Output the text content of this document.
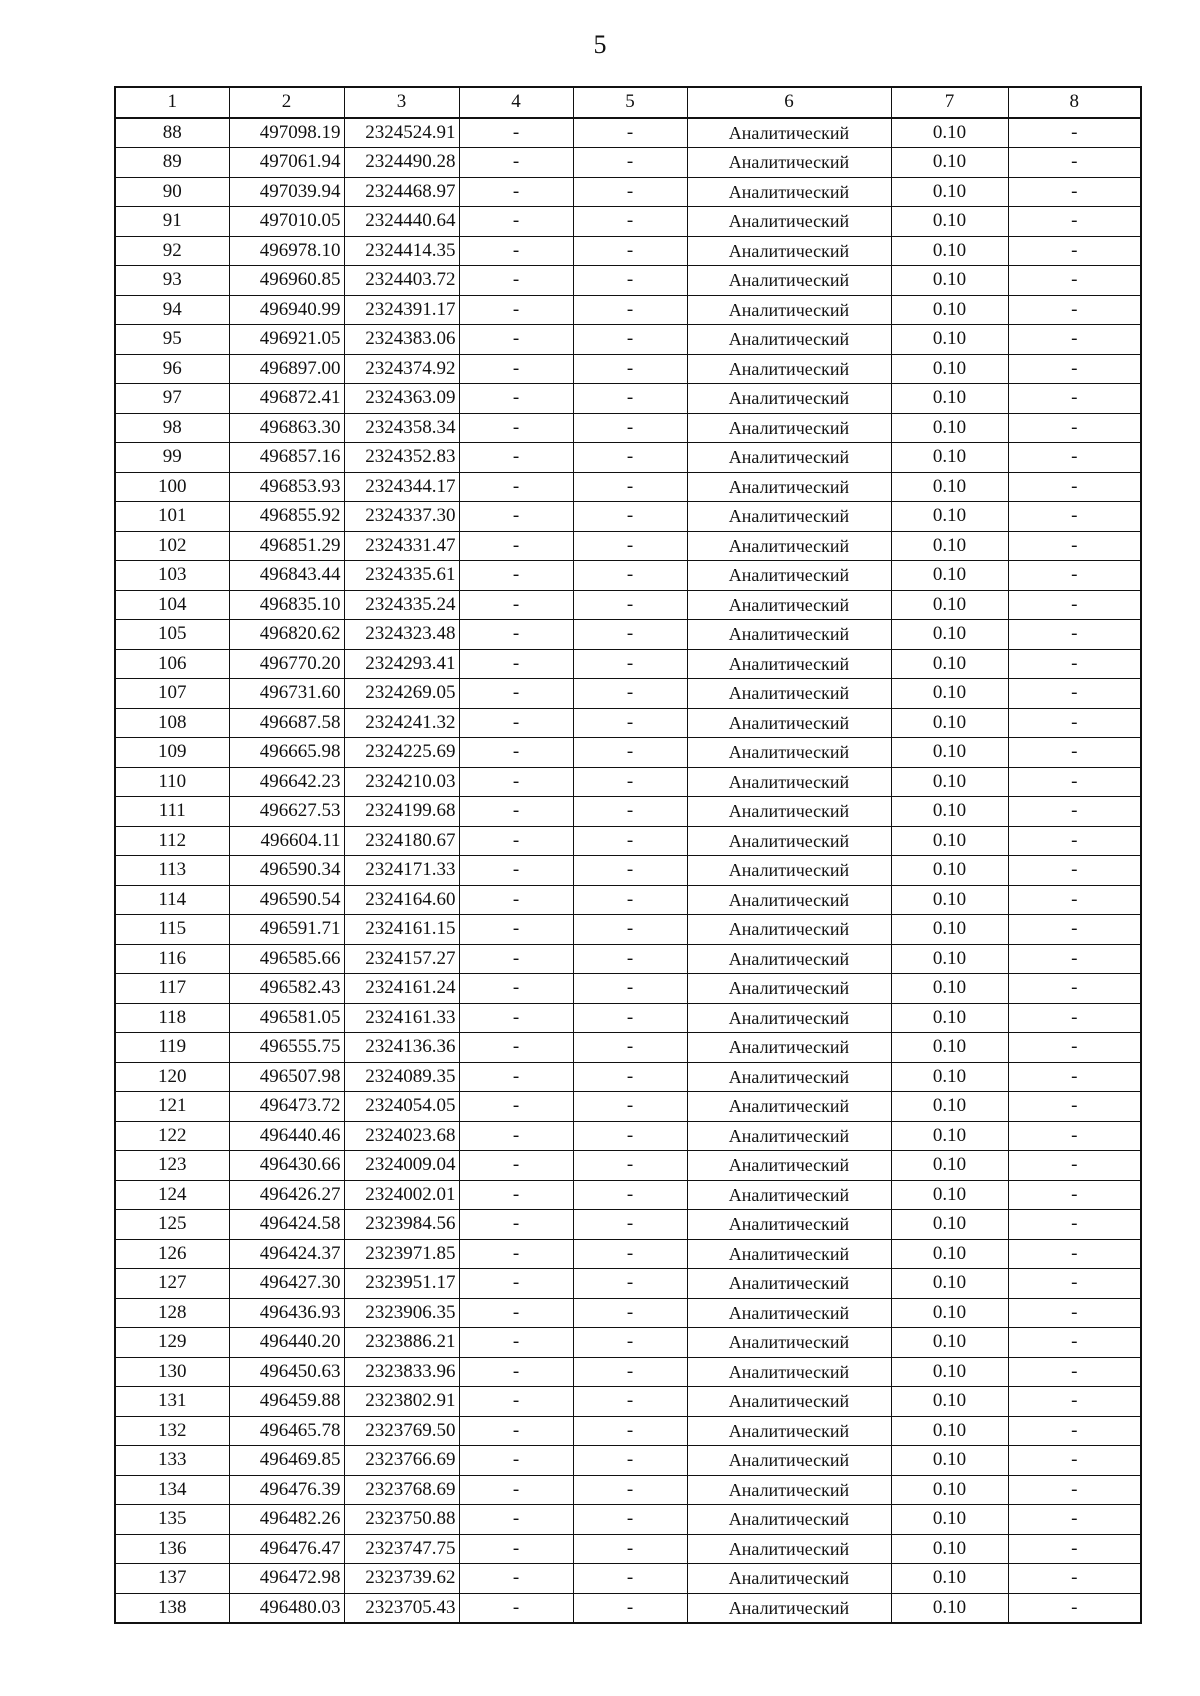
5
1	2	3	4	5	6	7	8
88	497098.19	2324524.91	-	-	Аналитический	0.10	-
89	497061.94	2324490.28	-	-	Аналитический	0.10	-
90	497039.94	2324468.97	-	-	Аналитический	0.10	-
91	497010.05	2324440.64	-	-	Аналитический	0.10	-
92	496978.10	2324414.35	-	-	Аналитический	0.10	-
93	496960.85	2324403.72	-	-	Аналитический	0.10	-
94	496940.99	2324391.17	-	-	Аналитический	0.10	-
95	496921.05	2324383.06	-	-	Аналитический	0.10	-
96	496897.00	2324374.92	-	-	Аналитический	0.10	-
97	496872.41	2324363.09	-	-	Аналитический	0.10	-
98	496863.30	2324358.34	-	-	Аналитический	0.10	-
99	496857.16	2324352.83	-	-	Аналитический	0.10	-
100	496853.93	2324344.17	-	-	Аналитический	0.10	-
101	496855.92	2324337.30	-	-	Аналитический	0.10	-
102	496851.29	2324331.47	-	-	Аналитический	0.10	-
103	496843.44	2324335.61	-	-	Аналитический	0.10	-
104	496835.10	2324335.24	-	-	Аналитический	0.10	-
105	496820.62	2324323.48	-	-	Аналитический	0.10	-
106	496770.20	2324293.41	-	-	Аналитический	0.10	-
107	496731.60	2324269.05	-	-	Аналитический	0.10	-
108	496687.58	2324241.32	-	-	Аналитический	0.10	-
109	496665.98	2324225.69	-	-	Аналитический	0.10	-
110	496642.23	2324210.03	-	-	Аналитический	0.10	-
111	496627.53	2324199.68	-	-	Аналитический	0.10	-
112	496604.11	2324180.67	-	-	Аналитический	0.10	-
113	496590.34	2324171.33	-	-	Аналитический	0.10	-
114	496590.54	2324164.60	-	-	Аналитический	0.10	-
115	496591.71	2324161.15	-	-	Аналитический	0.10	-
116	496585.66	2324157.27	-	-	Аналитический	0.10	-
117	496582.43	2324161.24	-	-	Аналитический	0.10	-
118	496581.05	2324161.33	-	-	Аналитический	0.10	-
119	496555.75	2324136.36	-	-	Аналитический	0.10	-
120	496507.98	2324089.35	-	-	Аналитический	0.10	-
121	496473.72	2324054.05	-	-	Аналитический	0.10	-
122	496440.46	2324023.68	-	-	Аналитический	0.10	-
123	496430.66	2324009.04	-	-	Аналитический	0.10	-
124	496426.27	2324002.01	-	-	Аналитический	0.10	-
125	496424.58	2323984.56	-	-	Аналитический	0.10	-
126	496424.37	2323971.85	-	-	Аналитический	0.10	-
127	496427.30	2323951.17	-	-	Аналитический	0.10	-
128	496436.93	2323906.35	-	-	Аналитический	0.10	-
129	496440.20	2323886.21	-	-	Аналитический	0.10	-
130	496450.63	2323833.96	-	-	Аналитический	0.10	-
131	496459.88	2323802.91	-	-	Аналитический	0.10	-
132	496465.78	2323769.50	-	-	Аналитический	0.10	-
133	496469.85	2323766.69	-	-	Аналитический	0.10	-
134	496476.39	2323768.69	-	-	Аналитический	0.10	-
135	496482.26	2323750.88	-	-	Аналитический	0.10	-
136	496476.47	2323747.75	-	-	Аналитический	0.10	-
137	496472.98	2323739.62	-	-	Аналитический	0.10	-
138	496480.03	2323705.43	-	-	Аналитический	0.10	-
